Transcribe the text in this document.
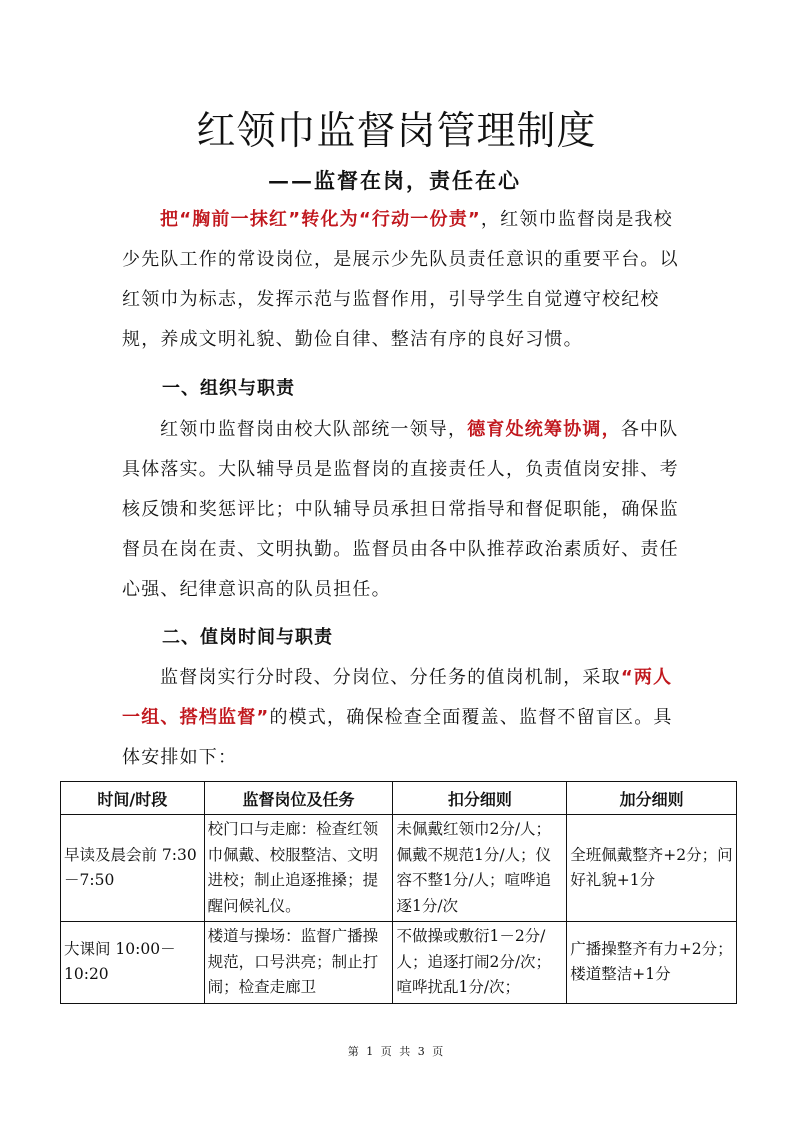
红领巾监督岗管理制度
——监督在岗，责任在心
把“胸前一抹红”转化为“行动一份责”，红领巾监督岗是我校少先队工作的常设岗位，是展示少先队员责任意识的重要平台。以红领巾为标志，发挥示范与监督作用，引导学生自觉遵守校纪校规，养成文明礼貌、勤俭自律、整洁有序的良好习惯。
一、组织与职责
红领巾监督岗由校大队部统一领导，德育处统筹协调，各中队具体落实。大队辅导员是监督岗的直接责任人，负责值岗安排、考核反馈和奖惩评比；中队辅导员承担日常指导和督促职能，确保监督员在岗在责、文明执勤。监督员由各中队推荐政治素质好、责任心强、纪律意识高的队员担任。
二、值岗时间与职责
监督岗实行分时段、分岗位、分任务的值岗机制，采取“两人一组、搭档监督”的模式，确保检查全面覆盖、监督不留盲区。具体安排如下：
时间/时段	监督岗位及任务	扣分细则	加分细则
早读及晨会前 7:30－7:50	校门口与走廊：检查红领巾佩戴、校服整洁、文明进校；制止追逐推搡；提醒问候礼仪。	未佩戴红领巾2分/人；佩戴不规范1分/人；仪容不整1分/人；喧哗追逐1分/次	全班佩戴整齐+2分；问好礼貌+1分
大课间 10:00－10:20	楼道与操场：监督广播操规范，口号洪亮；制止打闹；检查走廊卫	不做操或敷衍1－2分/人；追逐打闹2分/次；喧哗扰乱1分/次；	广播操整齐有力+2分；楼道整洁+1分
第 1 页 共 3 页
